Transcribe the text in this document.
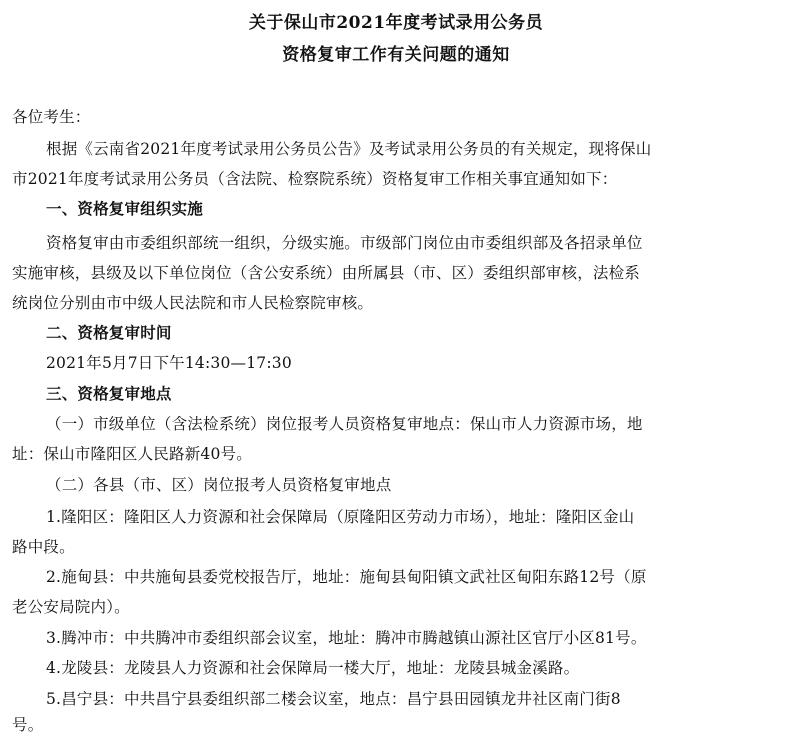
关于保山市2021年度考试录用公务员
资格复审工作有关问题的通知
各位考生：
根据《云南省2021年度考试录用公务员公告》及考试录用公务员的有关规定，现将保山
市2021年度考试录用公务员（含法院、检察院系统）资格复审工作相关事宜通知如下：
一、资格复审组织实施
资格复审由市委组织部统一组织，分级实施。市级部门岗位由市委组织部及各招录单位
实施审核，县级及以下单位岗位（含公安系统）由所属县（市、区）委组织部审核，法检系
统岗位分别由市中级人民法院和市人民检察院审核。
二、资格复审时间
2021年5月7日下午14:30—17:30
三、资格复审地点
（一）市级单位（含法检系统）岗位报考人员资格复审地点：保山市人力资源市场，地
址：保山市隆阳区人民路新40号。
（二）各县（市、区）岗位报考人员资格复审地点
1.隆阳区：隆阳区人力资源和社会保障局（原隆阳区劳动力市场），地址：隆阳区金山
路中段。
2.施甸县：中共施甸县委党校报告厅，地址：施甸县甸阳镇文武社区甸阳东路12号（原
老公安局院内）。
3.腾冲市：中共腾冲市委组织部会议室，地址：腾冲市腾越镇山源社区官厅小区81号。
4.龙陵县：龙陵县人力资源和社会保障局一楼大厅，地址：龙陵县城金溪路。
5.昌宁县：中共昌宁县委组织部二楼会议室，地点：昌宁县田园镇龙井社区南门街8
号。
